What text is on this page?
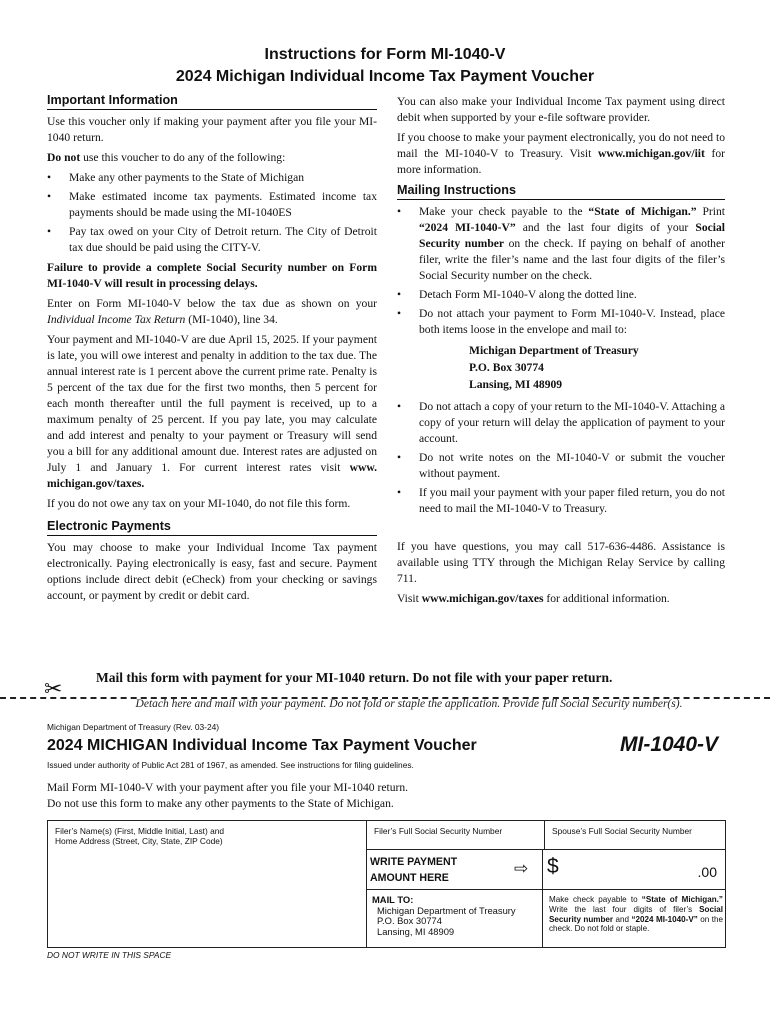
Instructions for Form MI-1040-V
2024 Michigan Individual Income Tax Payment Voucher
Important Information

Use this voucher only if making your payment after you file your MI-1040 return.

Do not use this voucher to do any of the following:

• Make any other payments to the State of Michigan
• Make estimated income tax payments. Estimated income tax payments should be made using the MI-1040ES
• Pay tax owed on your City of Detroit return. The City of Detroit tax due should be paid using the CITY-V.

Failure to provide a complete Social Security number on Form MI-1040-V will result in processing delays.

Enter on Form MI-1040-V below the tax due as shown on your Individual Income Tax Return (MI-1040), line 34.

Your payment and MI-1040-V are due April 15, 2025. If your payment is late, you will owe interest and penalty in addition to the tax due. The annual interest rate is 1 percent above the current prime rate. Penalty is 5 percent of the tax due for the first two months, then 5 percent for each month thereafter until the full payment is received, up to a maximum penalty of 25 percent. If you pay late, you may calculate and add interest and penalty to your payment or Treasury will send you a bill for any additional amount due. Interest rates are adjusted on July 1 and January 1. For current interest rates visit www. michigan.gov/taxes.

If you do not owe any tax on your MI-1040, do not file this form.

Electronic Payments

You may choose to make your Individual Income Tax payment electronically. Paying electronically is easy, fast and secure. Payment options include direct debit (eCheck) from your checking or savings account, or payment by credit or debit card.

You can also make your Individual Income Tax payment using direct debit when supported by your e-file software provider.

If you choose to make your payment electronically, you do not need to mail the MI-1040-V to Treasury. Visit www.michigan.gov/iit for more information.

Mailing Instructions
• Make your check payable to the “State of Michigan.” Print “2024 MI-1040-V” and the last four digits of your Social Security number on the check. If paying on behalf of another filer, write the filer’s name and the last four digits of the filer’s Social Security number on the check.
• Detach Form MI-1040-V along the dotted line.
• Do not attach your payment to Form MI-1040-V. Instead, place both items loose in the envelope and mail to:
Michigan Department of Treasury
P.O. Box 30774
Lansing, MI 48909
• Do not attach a copy of your return to the MI-1040-V. Attaching a copy of your return will delay the application of payment to your account.
• Do not write notes on the MI-1040-V or submit the voucher without payment.
• If you mail your payment with your paper filed return, you do not need to mail the MI-1040-V to Treasury.

If you have questions, you may call 517-636-4486. Assistance is available using TTY through the Michigan Relay Service by calling 711.

Visit www.michigan.gov/taxes for additional information.

Mail this form with payment for your MI-1040 return. Do not file with your paper return.
✂
Detach here and mail with your payment. Do not fold or staple the application. Provide full Social Security number(s).
Michigan Department of Treasury (Rev. 03-24)
2024 MICHIGAN Individual Income Tax Payment Voucher	MI-1040-V
Issued under authority of Public Act 281 of 1967, as amended. See instructions for filing guidelines.
Mail Form MI-1040-V with your payment after you file your MI-1040 return.
Do not use this form to make any other payments to the State of Michigan.
Filer’s Name(s) (First, Middle Initial, Last) and
Home Address (Street, City, State, ZIP Code)
Filer’s Full Social Security Number	Spouse’s Full Social Security Number
WRITE PAYMENT
AMOUNT HERE	⇨ $	.00
MAIL TO:
Michigan Department of Treasury
P.O. Box 30774
Lansing, MI 48909
Make check payable to “State of Michigan.” Write the last four digits of filer’s Social Security number and “2024 MI-1040-V” on the check. Do not fold or staple.
DO NOT WRITE IN THIS SPACE
